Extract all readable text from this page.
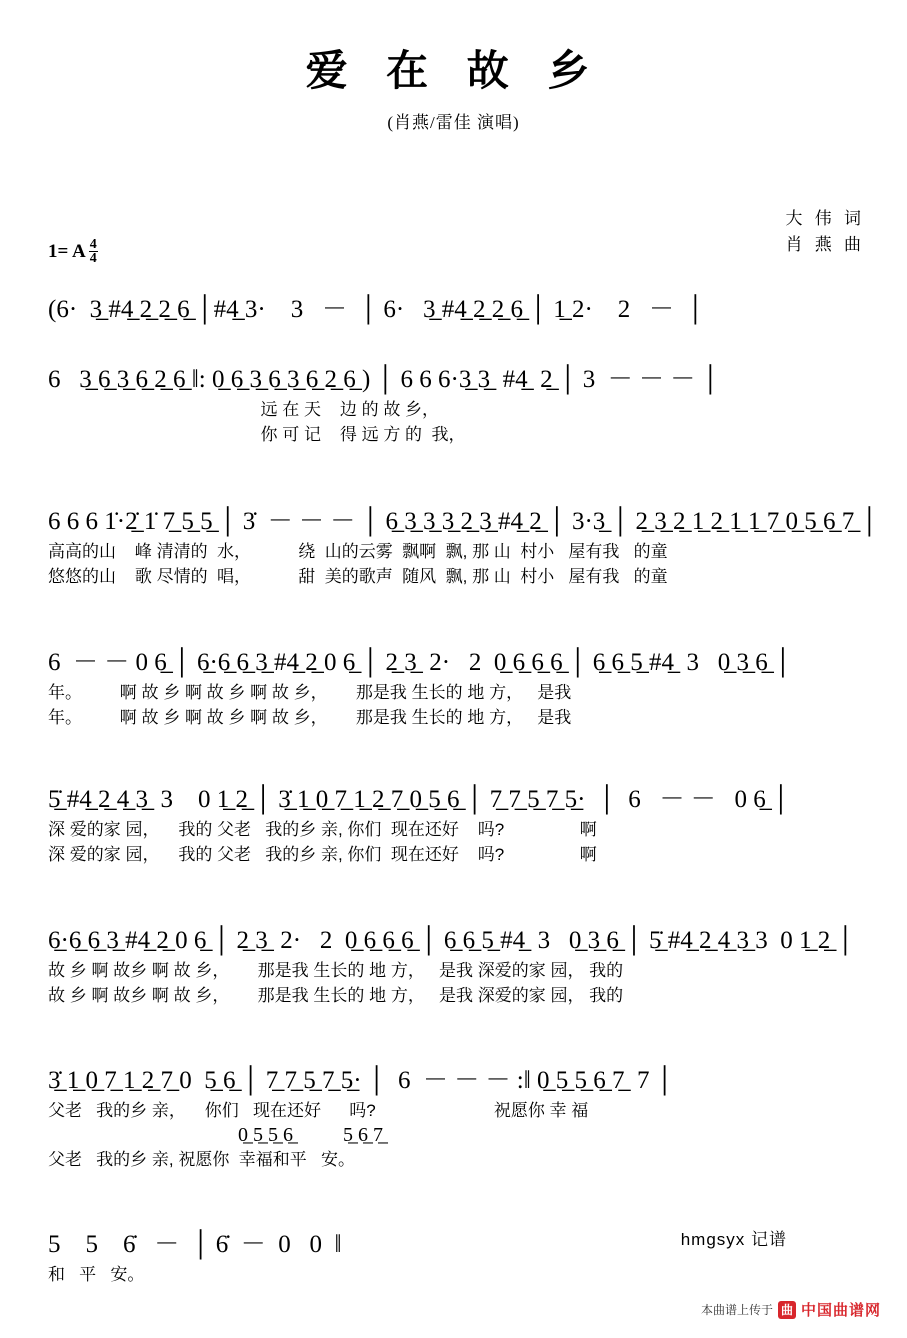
爱 在 故 乡
(肖燕/雷佳 演唱)
大 伟 词
肖 燕 曲
1= A $\frac{4}{4}$
(6·  3̲ #4̲ 2̲ 2̲ 6̲ │#4̲ 3·    3   －  │ 6·   3̲ #4̲ 2̲ 2̲ 6̲ │ 1̲ 2·    2   －  │
6   3̲ 6̲ 3̲ 6̲ 2̲ 6̲ ‖: 0̲ 6̲ 3̲ 6̲ 3̲ 6̲ 2̲ 6̲ ) │ 6 6 6·3̲ 3̲  #4̲  2̲ │ 3  － － － │
远 在 天    边 的 故 乡，
你 可 记    得 远 方 的  我，
6 6 6 1̇·2̲̇ 1̇ 7̲ 5̲ 5̲ │ 3̇  － － － │ 6̲ 3̲ 3̲ 3̲ 2̲ 3̲ #4̲ 2̲ │ 3·3̲ │ 2̲ 3̲ 2̲ 1̲ 2̲ 1̲ 1̲ 7̲ 0̲ 5̲ 6̲ 7̲ │
高高的山    峰 清清的  水，          绕  山的云雾  飘啊  飘, 那 山  村小   屋有我   的童
悠悠的山    歌 尽情的  唱，          甜  美的歌声  随风  飘, 那 山  村小   屋有我   的童
6  － － 0 6̲ │ 6̲·6̲ 6̲ 3̲ #4̲ 2̲ 0 6̲ │ 2̲ 3̲  2·   2  0̲ 6̲ 6̲ 6̲ │ 6̲ 6̲ 5̲ #4̲  3   0̲ 3̲ 6̲ │
年。        啊 故 乡 啊 故 乡 啊 故 乡，      那是我 生长的 地 方，   是我
年。        啊 故 乡 啊 故 乡 啊 故 乡，      那是我 生长的 地 方，   是我
5̲̇ #4̲ 2̲ 4̲ 3̲  3    0 1̲ 2̲ │ 3̲̇ 1̲ 0̲ 7̲ 1̲ 2̲ 7̲ 0̲ 5̲ 6̲ │ 7̲ 7̲ 5̲ 7̲ 5̲·  │  6   － －   0 6̲ │
深 爱的家 园，    我的 父老   我的乡 亲, 你们  现在还好    吗?                啊
深 爱的家 园，    我的 父老   我的乡 亲, 你们  现在还好    吗?                啊
6̲·6̲ 6̲ 3̲ #4̲ 2̲ 0 6̲ │ 2̲ 3̲  2·   2  0̲ 6̲ 6̲ 6̲ │ 6̲ 6̲ 5̲ #4̲  3   0̲ 3̲ 6̲ │ 5̲̇ #4̲ 2̲ 4̲ 3̲ 3  0 1̲ 2̲ │
故 乡 啊 故乡 啊 故 乡，      那是我 生长的 地 方，   是我 深爱的家 园， 我的
故 乡 啊 故乡 啊 故 乡，      那是我 生长的 地 方，   是我 深爱的家 园， 我的
3̲̇ 1̲ 0̲ 7̲ 1̲ 2̲ 7̲ 0  5̲ 6̲ │ 7̲ 7̲ 5̲ 7̲ 5̲· │  6  － － － :‖ 0̲ 5̲ 5̲ 6̲ 7̲  7 │
父老   我的乡 亲，    你们   现在还好      吗?                         祝愿你 幸 福
0̲ 5̲ 5̲ 6̲          5̲ 6̲ 7̲
父老   我的乡 亲, 祝愿你  幸福和平   安。
5    5    6̇   －  │ 6̇  －  0   0  ‖
和   平   安。
hmgsyx 记谱
本曲谱上传于 曲 中国曲谱网
